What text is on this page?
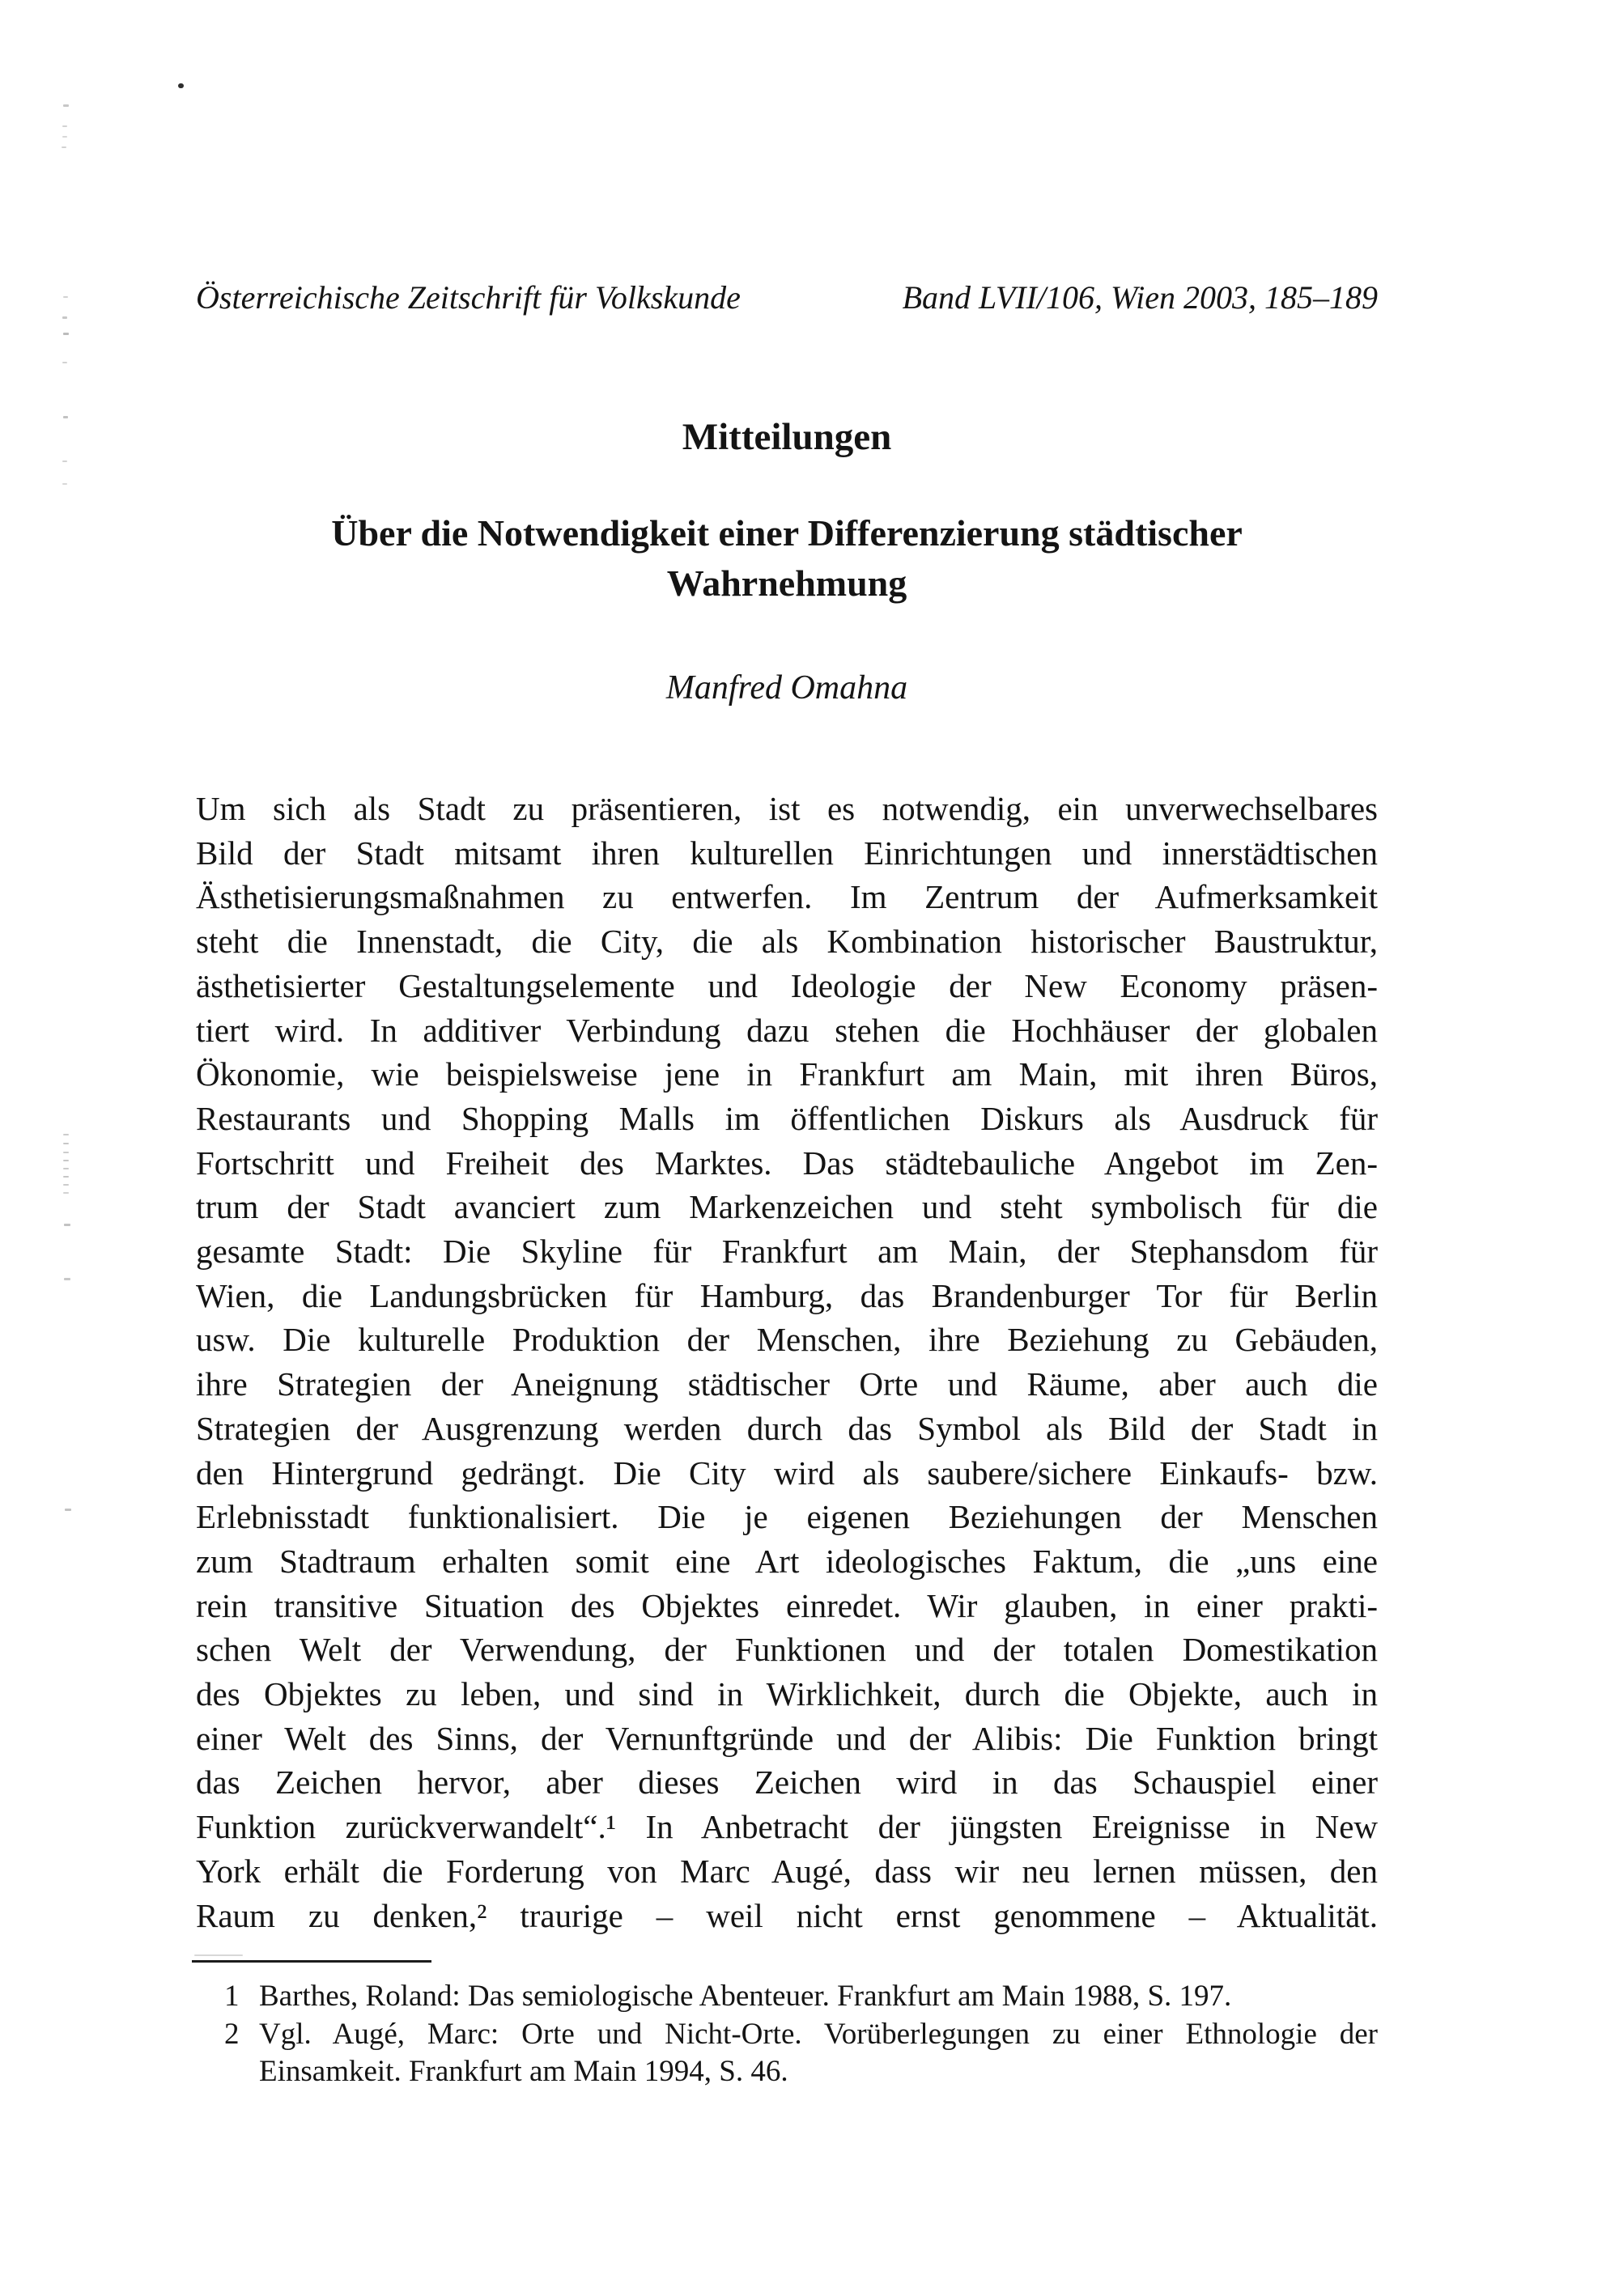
Österreichische Zeitschrift für Volkskunde	Band LVII/106, Wien 2003, 185–189
Mitteilungen
Über die Notwendigkeit einer Differenzierung städtischer
Wahrnehmung
Manfred Omahna
Um sich als Stadt zu präsentieren, ist es notwendig, ein unverwechselbares
Bild der Stadt mitsamt ihren kulturellen Einrichtungen und innerstädtischen
Ästhetisierungsmaßnahmen zu entwerfen. Im Zentrum der Aufmerksamkeit
steht die Innenstadt, die City, die als Kombination historischer Baustruktur,
ästhetisierter Gestaltungselemente und Ideologie der New Economy präsen-
tiert wird. In additiver Verbindung dazu stehen die Hochhäuser der globalen
Ökonomie, wie beispielsweise jene in Frankfurt am Main, mit ihren Büros,
Restaurants und Shopping Malls im öffentlichen Diskurs als Ausdruck für
Fortschritt und Freiheit des Marktes. Das städtebauliche Angebot im Zen-
trum der Stadt avanciert zum Markenzeichen und steht symbolisch für die
gesamte Stadt: Die Skyline für Frankfurt am Main, der Stephansdom für
Wien, die Landungsbrücken für Hamburg, das Brandenburger Tor für Berlin
usw. Die kulturelle Produktion der Menschen, ihre Beziehung zu Gebäuden,
ihre Strategien der Aneignung städtischer Orte und Räume, aber auch die
Strategien der Ausgrenzung werden durch das Symbol als Bild der Stadt in
den Hintergrund gedrängt. Die City wird als saubere/sichere Einkaufs- bzw.
Erlebnisstadt funktionalisiert. Die je eigenen Beziehungen der Menschen
zum Stadtraum erhalten somit eine Art ideologisches Faktum, die „uns eine
rein transitive Situation des Objektes einredet. Wir glauben, in einer prakti-
schen Welt der Verwendung, der Funktionen und der totalen Domestikation
des Objektes zu leben, und sind in Wirklichkeit, durch die Objekte, auch in
einer Welt des Sinns, der Vernunftgründe und der Alibis: Die Funktion bringt
das Zeichen hervor, aber dieses Zeichen wird in das Schauspiel einer
Funktion zurückverwandelt“.¹ In Anbetracht der jüngsten Ereignisse in New
York erhält die Forderung von Marc Augé, dass wir neu lernen müssen, den
Raum zu denken,² traurige – weil nicht ernst genommene – Aktualität.
1 Barthes, Roland: Das semiologische Abenteuer. Frankfurt am Main 1988, S. 197.
2 Vgl. Augé, Marc: Orte und Nicht-Orte. Vorüberlegungen zu einer Ethnologie der
Einsamkeit. Frankfurt am Main 1994, S. 46.
